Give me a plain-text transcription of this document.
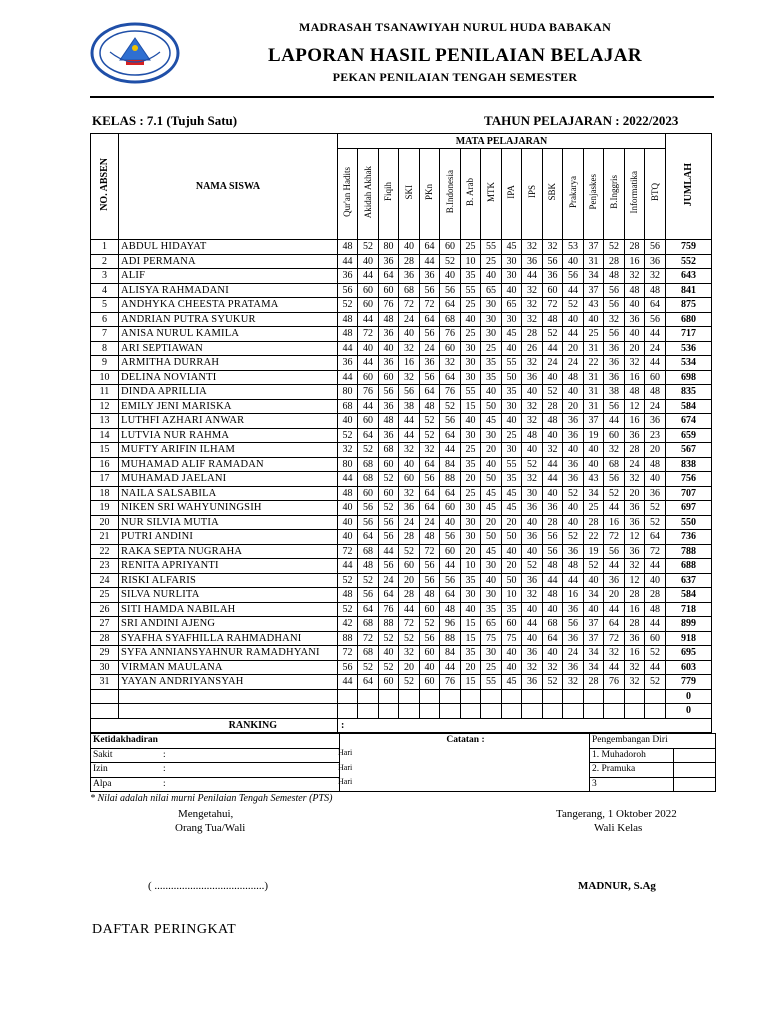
MADRASAH TSANAWIYAH NURUL HUDA BABAKAN
LAPORAN HASIL PENILAIAN BELAJAR
PEKAN PENILAIAN TENGAH SEMESTER
KELAS : 7.1 (Tujuh Satu)	TAHUN PELAJARAN : 2022/2023
NO. ABSEN	NAMA SISWA	MATA PELAJARAN																JUMLAH
		Qur'an Hadits	Akidah Akhak	Fiqih	SKI	PKn	B.Indonesia	B. Arab	MTK	IPA	IPS	SBK	Prakarya	Penjaskes	B.Inggris	Informatika	BTQ	
1	ABDUL HIDAYAT	48	52	80	40	64	60	25	55	45	32	32	53	37	52	28	56	759
2	ADI PERMANA	44	40	36	28	44	52	10	25	30	36	56	40	31	28	16	36	552
3	ALIF	36	44	64	36	36	40	35	40	30	44	36	56	34	48	32	32	643
4	ALISYA RAHMADANI	56	60	60	68	56	56	55	65	40	32	60	44	37	56	48	48	841
5	ANDHYKA CHEESTA PRATAMA	52	60	76	72	72	64	25	30	65	32	72	52	43	56	40	64	875
6	ANDRIAN PUTRA SYUKUR	48	44	48	24	64	68	40	30	30	32	48	40	40	32	36	56	680
7	ANISA NURUL KAMILA	48	72	36	40	56	76	25	30	45	28	52	44	25	56	40	44	717
8	ARI SEPTIAWAN	44	40	40	32	24	60	30	25	40	26	44	20	31	36	20	24	536
9	ARMITHA DURRAH	36	44	36	16	36	32	30	35	55	32	24	24	22	36	32	44	534
10	DELINA NOVIANTI	44	60	60	32	56	64	30	35	50	36	40	48	31	36	16	60	698
11	DINDA APRILLIA	80	76	56	56	64	76	55	40	35	40	52	40	31	38	48	48	835
12	EMILY JENI MARISKA	68	44	36	38	48	52	15	50	30	32	28	20	31	56	12	24	584
13	LUTHFI AZHARI ANWAR	40	60	48	44	52	56	40	45	40	32	48	36	37	44	16	36	674
14	LUTVIA NUR RAHMA	52	64	36	44	52	64	30	30	25	48	40	36	19	60	36	23	659
15	MUFTY ARIFIN ILHAM	32	52	68	32	32	44	25	20	30	40	32	40	40	32	28	20	567
16	MUHAMAD ALIF RAMADAN	80	68	60	40	64	84	35	40	55	52	44	36	40	68	24	48	838
17	MUHAMAD JAELANI	44	68	52	60	56	88	20	50	35	32	44	36	43	56	32	40	756
18	NAILA SALSABILA	48	60	60	32	64	64	25	45	45	30	40	52	34	52	20	36	707
19	NIKEN SRI WAHYUNINGSIH	40	56	52	36	64	60	30	45	45	36	36	40	25	44	36	52	697
20	NUR SILVIA MUTIA	40	56	56	24	24	40	30	20	20	40	28	40	28	16	36	52	550
21	PUTRI ANDINI	40	64	56	28	48	56	30	50	50	36	56	52	22	72	12	64	736
22	RAKA SEPTA NUGRAHA	72	68	44	52	72	60	20	45	40	40	56	36	19	56	36	72	788
23	RENITA APRIYANTI	44	48	56	60	56	44	10	30	20	52	48	48	52	44	32	44	688
24	RISKI ALFARIS	52	52	24	20	56	56	35	40	50	36	44	44	40	36	12	40	637
25	SILVA NURLITA	48	56	64	28	48	64	30	30	10	32	48	16	34	20	28	28	584
26	SITI HAMDA NABILAH	52	64	76	44	60	48	40	35	35	40	40	36	40	44	16	48	718
27	SRI ANDINI AJENG	42	68	88	72	52	96	15	65	60	44	68	56	37	64	28	44	899
28	SYAFHA SYAFHILLA RAHMADHANI	88	72	52	52	56	88	15	75	75	40	64	36	37	72	36	60	918
29	SYFA ANNIANSYAHNUR RAMADHYANI	72	68	40	32	60	84	35	30	40	36	40	24	34	32	16	52	695
30	VIRMAN MAULANA	56	52	52	20	40	44	20	25	40	32	32	36	34	44	32	44	603
31	YAYAN ANDRIYANSYAH	44	64	60	52	60	76	15	55	45	36	52	32	28	76	32	52	779
																		0
																		0
RANKING		:																
Ketidakhadiran	Catatan :	Pengembangan Diri	

Sakit :		1. Muhadoroh	

Izin :		2. Pramuka	

Alpa :		3	
Hari
Hari
Hari
* Nilai adalah nilai murni Penilaian Tengah Semester (PTS)
Mengetahui,
Orang Tua/Wali
Tangerang, 1 Oktober 2022
Wali Kelas
( ........................................)	MADNUR, S.Ag
DAFTAR PERINGKAT
